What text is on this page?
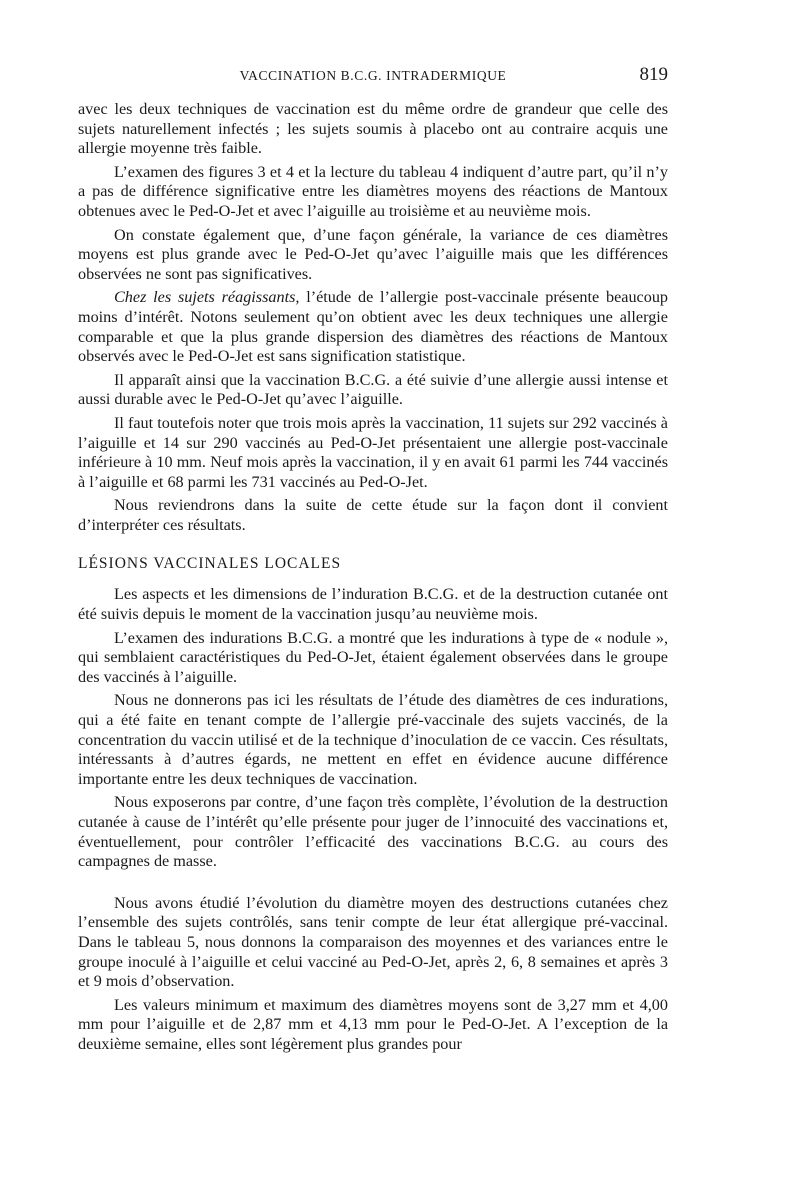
VACCINATION B.C.G. INTRADERMIQUE	819

avec les deux techniques de vaccination est du même ordre de grandeur que celle des sujets naturellement infectés ; les sujets soumis à placebo ont au contraire acquis une allergie moyenne très faible.

L’examen des figures 3 et 4 et la lecture du tableau 4 indiquent d’autre part, qu’il n’y a pas de différence significative entre les diamètres moyens des réactions de Mantoux obtenues avec le Ped-O-Jet et avec l’aiguille au troisième et au neuvième mois.

On constate également que, d’une façon générale, la variance de ces diamètres moyens est plus grande avec le Ped-O-Jet qu’avec l’aiguille mais que les différences observées ne sont pas significatives.

Chez les sujets réagissants, l’étude de l’allergie post-vaccinale présente beaucoup moins d’intérêt. Notons seulement qu’on obtient avec les deux techniques une allergie comparable et que la plus grande dispersion des diamètres des réactions de Mantoux observés avec le Ped-O-Jet est sans signification statistique.

Il apparaît ainsi que la vaccination B.C.G. a été suivie d’une allergie aussi intense et aussi durable avec le Ped-O-Jet qu’avec l’aiguille.

Il faut toutefois noter que trois mois après la vaccination, 11 sujets sur 292 vaccinés à l’aiguille et 14 sur 290 vaccinés au Ped-O-Jet présentaient une allergie post-vaccinale inférieure à 10 mm. Neuf mois après la vaccination, il y en avait 61 parmi les 744 vaccinés à l’aiguille et 68 parmi les 731 vaccinés au Ped-O-Jet.

Nous reviendrons dans la suite de cette étude sur la façon dont il convient d’interpréter ces résultats.

LÉSIONS VACCINALES LOCALES

Les aspects et les dimensions de l’induration B.C.G. et de la destruction cutanée ont été suivis depuis le moment de la vaccination jusqu’au neuvième mois.

L’examen des indurations B.C.G. a montré que les indurations à type de « nodule », qui semblaient caractéristiques du Ped-O-Jet, étaient également observées dans le groupe des vaccinés à l’aiguille.

Nous ne donnerons pas ici les résultats de l’étude des diamètres de ces indurations, qui a été faite en tenant compte de l’allergie pré-vaccinale des sujets vaccinés, de la concentration du vaccin utilisé et de la technique d’inoculation de ce vaccin. Ces résultats, intéressants à d’autres égards, ne mettent en effet en évidence aucune différence importante entre les deux techniques de vaccination.

Nous exposerons par contre, d’une façon très complète, l’évolution de la destruction cutanée à cause de l’intérêt qu’elle présente pour juger de l’innocuité des vaccinations et, éventuellement, pour contrôler l’efficacité des vaccinations B.C.G. au cours des campagnes de masse.

Nous avons étudié l’évolution du diamètre moyen des destructions cutanées chez l’ensemble des sujets contrôlés, sans tenir compte de leur état allergique pré-vaccinal. Dans le tableau 5, nous donnons la comparaison des moyennes et des variances entre le groupe inoculé à l’aiguille et celui vacciné au Ped-O-Jet, après 2, 6, 8 semaines et après 3 et 9 mois d’observation.

Les valeurs minimum et maximum des diamètres moyens sont de 3,27 mm et 4,00 mm pour l’aiguille et de 2,87 mm et 4,13 mm pour le Ped-O-Jet. A l’exception de la deuxième semaine, elles sont légèrement plus grandes pour
